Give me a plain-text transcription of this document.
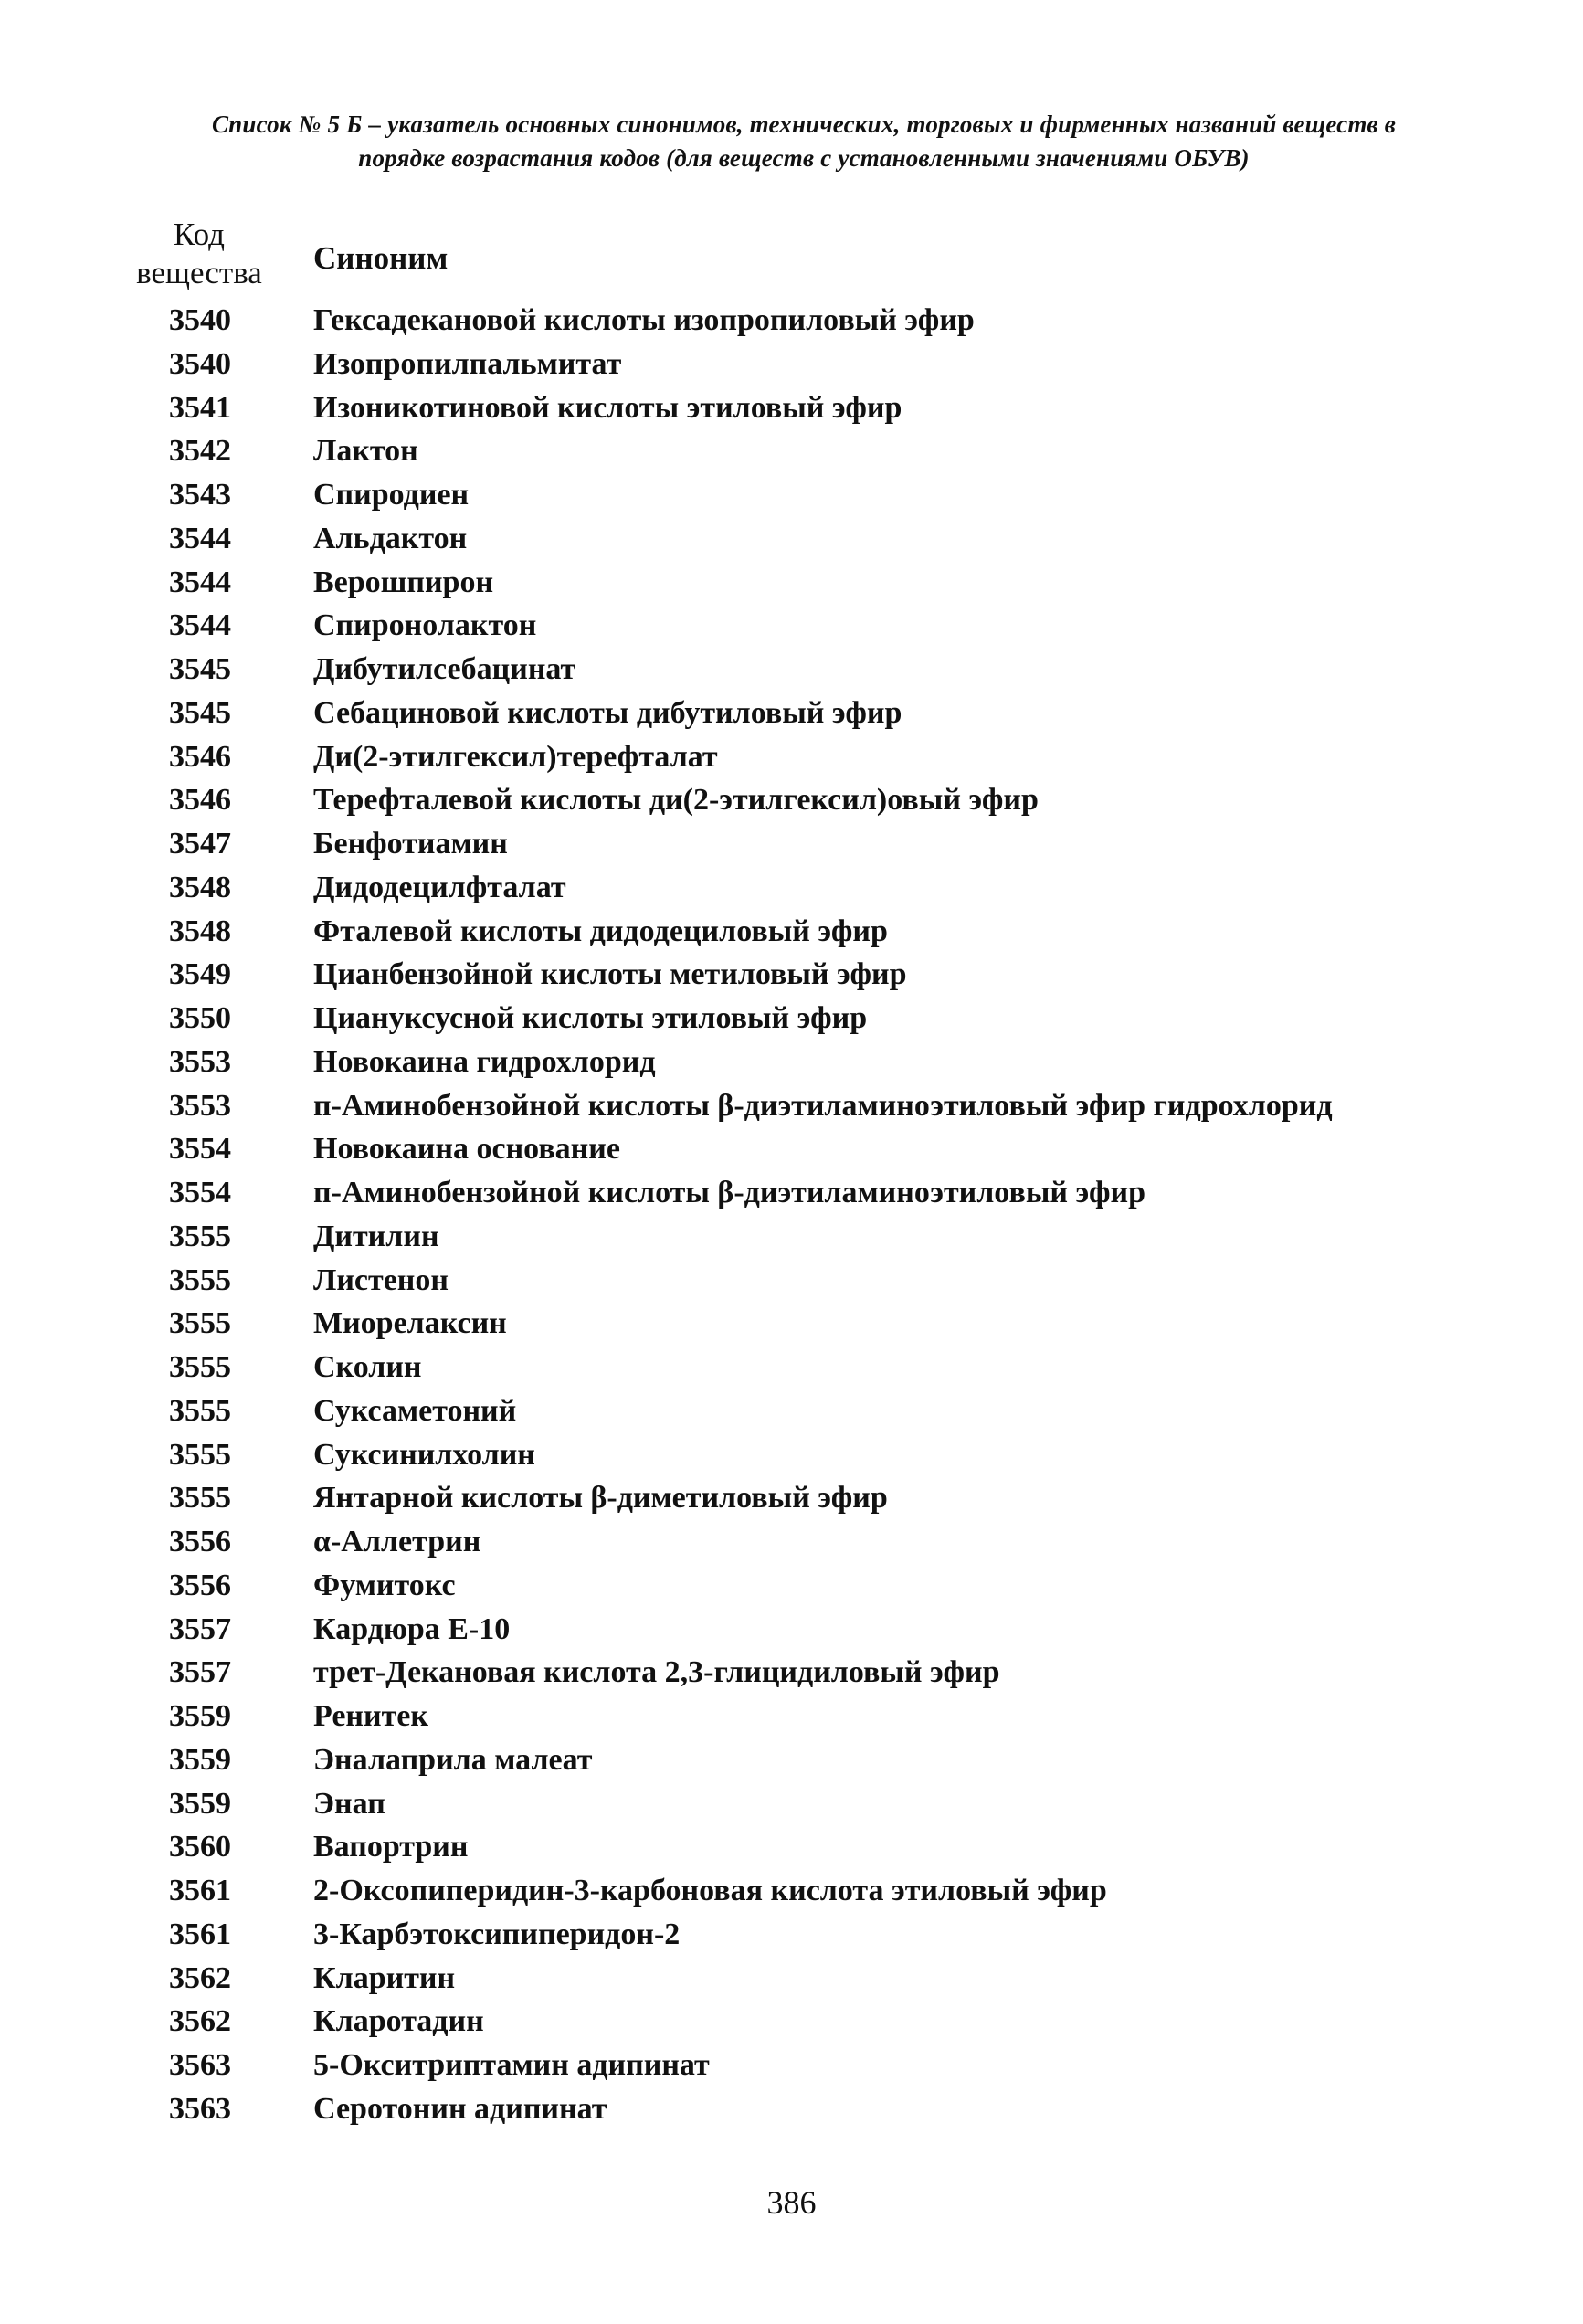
Список № 5 Б – указатель основных синонимов, технических, торговых и фирменных названий веществ в
порядке возрастания кодов (для веществ с установленными значениями ОБУВ)
Код
вещества	Синоним
3540	Гексадекановой кислоты изопропиловый эфир
3540	Изопропилпальмитат
3541	Изоникотиновой кислоты этиловый эфир
3542	Лактон
3543	Спиродиен
3544	Альдактон
3544	Верошпирон
3544	Спиронолактон
3545	Дибутилсебацинат
3545	Себациновой кислоты дибутиловый эфир
3546	Ди(2-этилгексил)терефталат
3546	Терефталевой кислоты ди(2-этилгексил)овый эфир
3547	Бенфотиамин
3548	Дидодецилфталат
3548	Фталевой кислоты дидодециловый эфир
3549	Цианбензойной кислоты метиловый эфир
3550	Циануксусной кислоты этиловый эфир
3553	Новокаина гидрохлорид
3553	п-Аминобензойной кислоты β-диэтиламиноэтиловый эфир гидрохлорид
3554	Новокаина основание
3554	п-Аминобензойной кислоты β-диэтиламиноэтиловый эфир
3555	Дитилин
3555	Листенон
3555	Миорелаксин
3555	Сколин
3555	Суксаметоний
3555	Суксинилхолин
3555	Янтарной кислоты β-диметиловый эфир
3556	α-Аллетрин
3556	Фумитокс
3557	Кардюра Е-10
3557	трет-Декановая кислота 2,3-глицидиловый эфир
3559	Ренитек
3559	Эналаприла малеат
3559	Энап
3560	Вапортрин
3561	2-Оксопиперидин-3-карбоновая кислота этиловый эфир
3561	3-Карбэтоксипиперидон-2
3562	Кларитин
3562	Кларотадин
3563	5-Окситриптамин адипинат
3563	Серотонин адипинат
386
